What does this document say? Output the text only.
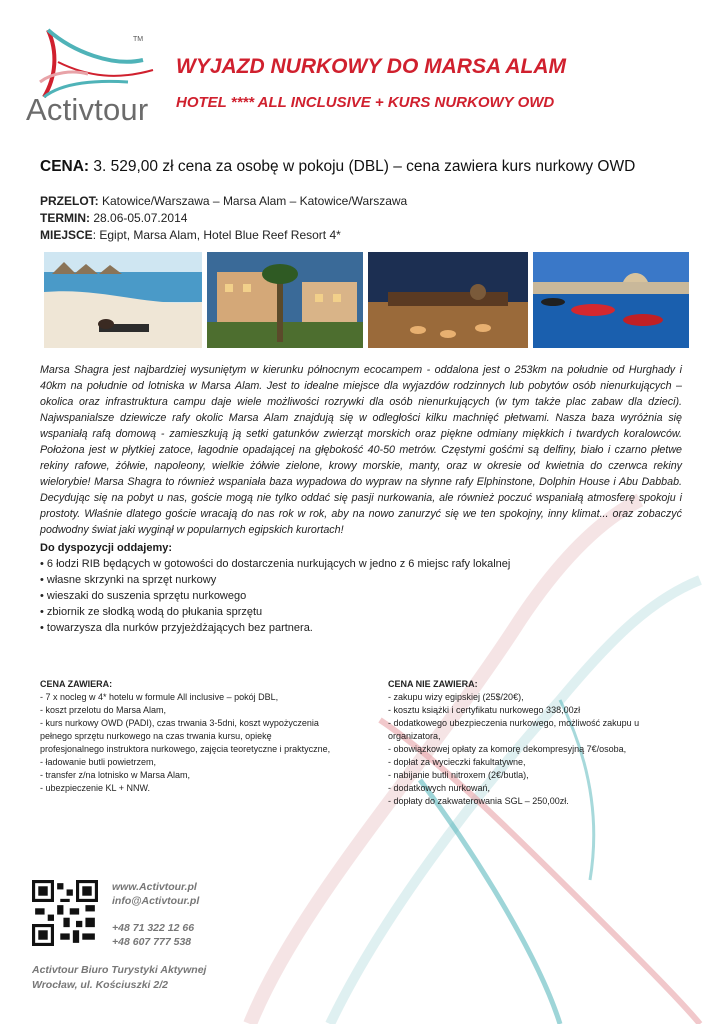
TM
Activtour
WYJAZD NURKOWY DO MARSA ALAM
HOTEL **** ALL INCLUSIVE + KURS NURKOWY OWD
CENA: 3. 529,00 zł cena za osobę w pokoju (DBL) – cena zawiera kurs nurkowy OWD
PRZELOT: Katowice/Warszawa – Marsa Alam – Katowice/Warszawa
TERMIN: 28.06-05.07.2014
MIEJSCE: Egipt, Marsa Alam, Hotel Blue Reef Resort 4*
Marsa Shagra jest najbardziej wysuniętym w kierunku północnym ecocampem - oddalona jest o 253km na południe od Hurghady i 40km na południe od lotniska w Marsa Alam. Jest to idealne miejsce dla wyjazdów rodzinnych lub pobytów osób nienurkujących – okolica oraz infrastruktura campu daje wiele możliwości rozrywki dla osób nienurkujących (w tym także plac zabaw dla dzieci). Najwspanialsze dziewicze rafy okolic Marsa Alam znajdują się w odległości kilku machnięć płetwami. Nasza baza wyróżnia się wspaniałą rafą domową - zamieszkują ją setki gatunków zwierząt morskich oraz piękne odmiany miękkich i twardych koralowców. Położona jest w płytkiej zatoce, łagodnie opadającej na głębokość 40-50 metrów. Częstymi gośćmi są delfiny, biało i czarno płetwe rekiny rafowe, żółwie, napoleony, wielkie żółwie zielone, krowy morskie, manty, oraz w okresie od kwietnia do czerwca rekiny wielorybie! Marsa Shagra to również wspaniała baza wypadowa do wypraw na słynne rafy Elphinstone, Dolphin House i Abu Dabbab. Decydując się na pobyt u nas, goście mogą nie tylko oddać się pasji nurkowania, ale również poczuć wspaniałą atmosferę spokoju i prostoty. Właśnie dlatego goście wracają do nas rok w rok, aby na nowo zanurzyć się we ten spokojny, inny klimat... oraz zobaczyć podwodny świat jaki wyginął w popularnych egipskich kurortach!
Do dyspozycji oddajemy:
• 6 łodzi RIB będących w gotowości do dostarczenia nurkujących w jedno z 6 miejsc rafy lokalnej
• własne skrzynki na sprzęt nurkowy
• wieszaki do suszenia sprzętu nurkowego
• zbiornik ze słodką wodą do płukania sprzętu
• towarzysza dla nurków przyjeżdżających bez partnera.
CENA ZAWIERA:
- 7 x nocleg w 4* hotelu w formule All inclusive – pokój DBL,
- koszt przelotu do Marsa Alam,
- kurs nurkowy OWD (PADI), czas trwania 3-5dni, koszt wypożyczenia
pełnego sprzętu nurkowego na czas trwania kursu, opiekę
profesjonalnego instruktora nurkowego, zajęcia teoretyczne i praktyczne,
- ładowanie butli powietrzem,
- transfer z/na lotnisko w Marsa Alam,
- ubezpieczenie KL + NNW.
CENA NIE ZAWIERA:
- zakupu wizy egipskiej (25$/20€),
- kosztu książki i certyfikatu nurkowego 338,00zł
- dodatkowego ubezpieczenia nurkowego, możliwość zakupu u
organizatora,
- obowiązkowej opłaty za komorę dekompresyjną 7€/osoba,
- dopłat za wycieczki fakultatywne,
- nabijanie butli nitroxem (2€/butla),
- dodatkowych nurkowań,
- dopłaty do zakwaterowania SGL – 250,00zł.
www.Activtour.pl
info@Activtour.pl
+48 71 322 12 66
+48 607 777 538
Activtour Biuro Turystyki Aktywnej
Wrocław, ul. Kościuszki 2/2
